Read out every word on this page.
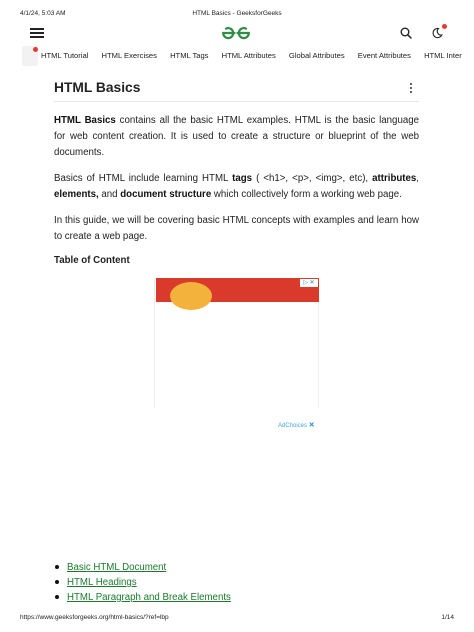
4/1/24, 5:03 AM	HTML Basics - GeeksforGeeks
HTML Tutorial HTML Exercises HTML Tags HTML Attributes Global Attributes Event Attributes HTML Inter
HTML Basics

HTML Basics contains all the basic HTML examples. HTML is the basic language for web content creation. It is used to create a structure or blueprint of the web documents.

Basics of HTML include learning HTML tags ( <h1>, <p>, <img>, etc), attributes, elements, and document structure which collectively form a working web page.

In this guide, we will be covering basic HTML concepts with examples and learn how to create a web page.

Table of Content
▷ ✕
AdChoices ✕
Basic HTML Document
HTML Headings
HTML Paragraph and Break Elements
https://www.geeksforgeeks.org/html-basics/?ref=lbp	1/14
